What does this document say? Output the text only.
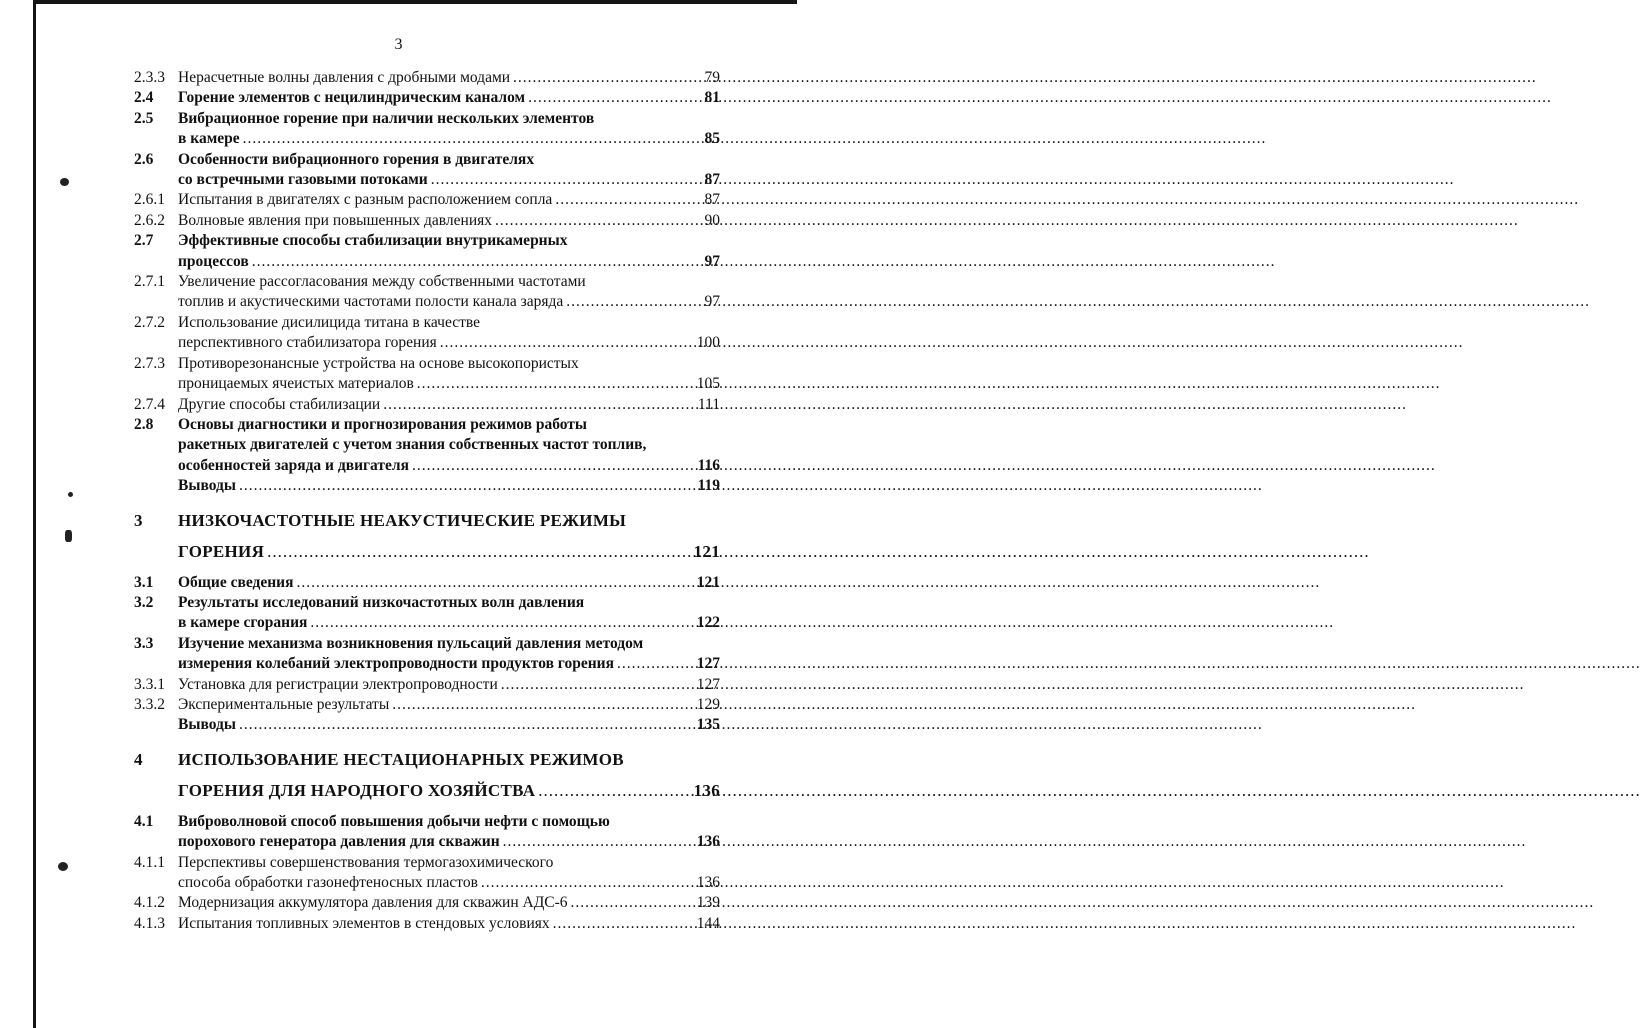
3
2.3.3 Нерасчетные волны давления с дробными модами .....	79
2.4 Горение элементов с нецилиндрическим каналом .....	81
2.5 Вибрационное горение при наличии нескольких элементов
в камере .....	85
2.6 Особенности вибрационного горения в двигателях
со встречными газовыми потоками .....	87
2.6.1 Испытания в двигателях с разным расположением сопла .....	87
2.6.2 Волновые явления при повышенных давлениях .....	90
2.7 Эффективные способы стабилизации внутрикамерных
процессов .....	97
2.7.1 Увеличение рассогласования между собственными частотами
топлив и акустическими частотами полости канала заряда .....	97
2.7.2 Использование дисилицида титана в качестве
перспективного стабилизатора горения .....	100
2.7.3 Противорезонансные устройства на основе высокопористых
проницаемых ячеистых материалов .....	105
2.7.4 Другие способы стабилизации .....	111
2.8 Основы диагностики и прогнозирования режимов работы
ракетных двигателей с учетом знания собственных частот топлив,
особенностей заряда и двигателя .....	116
Выводы .....	119
3 НИЗКОЧАСТОТНЫЕ НЕАКУСТИЧЕСКИЕ РЕЖИМЫ
ГОРЕНИЯ .....	121
3.1 Общие сведения .....	121
3.2 Результаты исследований низкочастотных волн давления
в камере сгорания .....	122
3.3 Изучение механизма возникновения пульсаций давления методом
измерения колебаний электропроводности продуктов горения .....	127
3.3.1 Установка для регистрации электропроводности .....	127
3.3.2 Экспериментальные результаты .....	129
Выводы .....	135
4 ИСПОЛЬЗОВАНИЕ НЕСТАЦИОНАРНЫХ РЕЖИМОВ
ГОРЕНИЯ ДЛЯ НАРОДНОГО ХОЗЯЙСТВА .....	136
4.1 Виброволновой способ повышения добычи нефти с помощью
порохового генератора давления для скважин .....	136
4.1.1 Перспективы совершенствования термогазохимического
способа обработки газонефтеносных пластов .....	136
4.1.2 Модернизация аккумулятора давления для скважин АДС-6 .....	139
4.1.3 Испытания топливных элементов в стендовых условиях .....	144
